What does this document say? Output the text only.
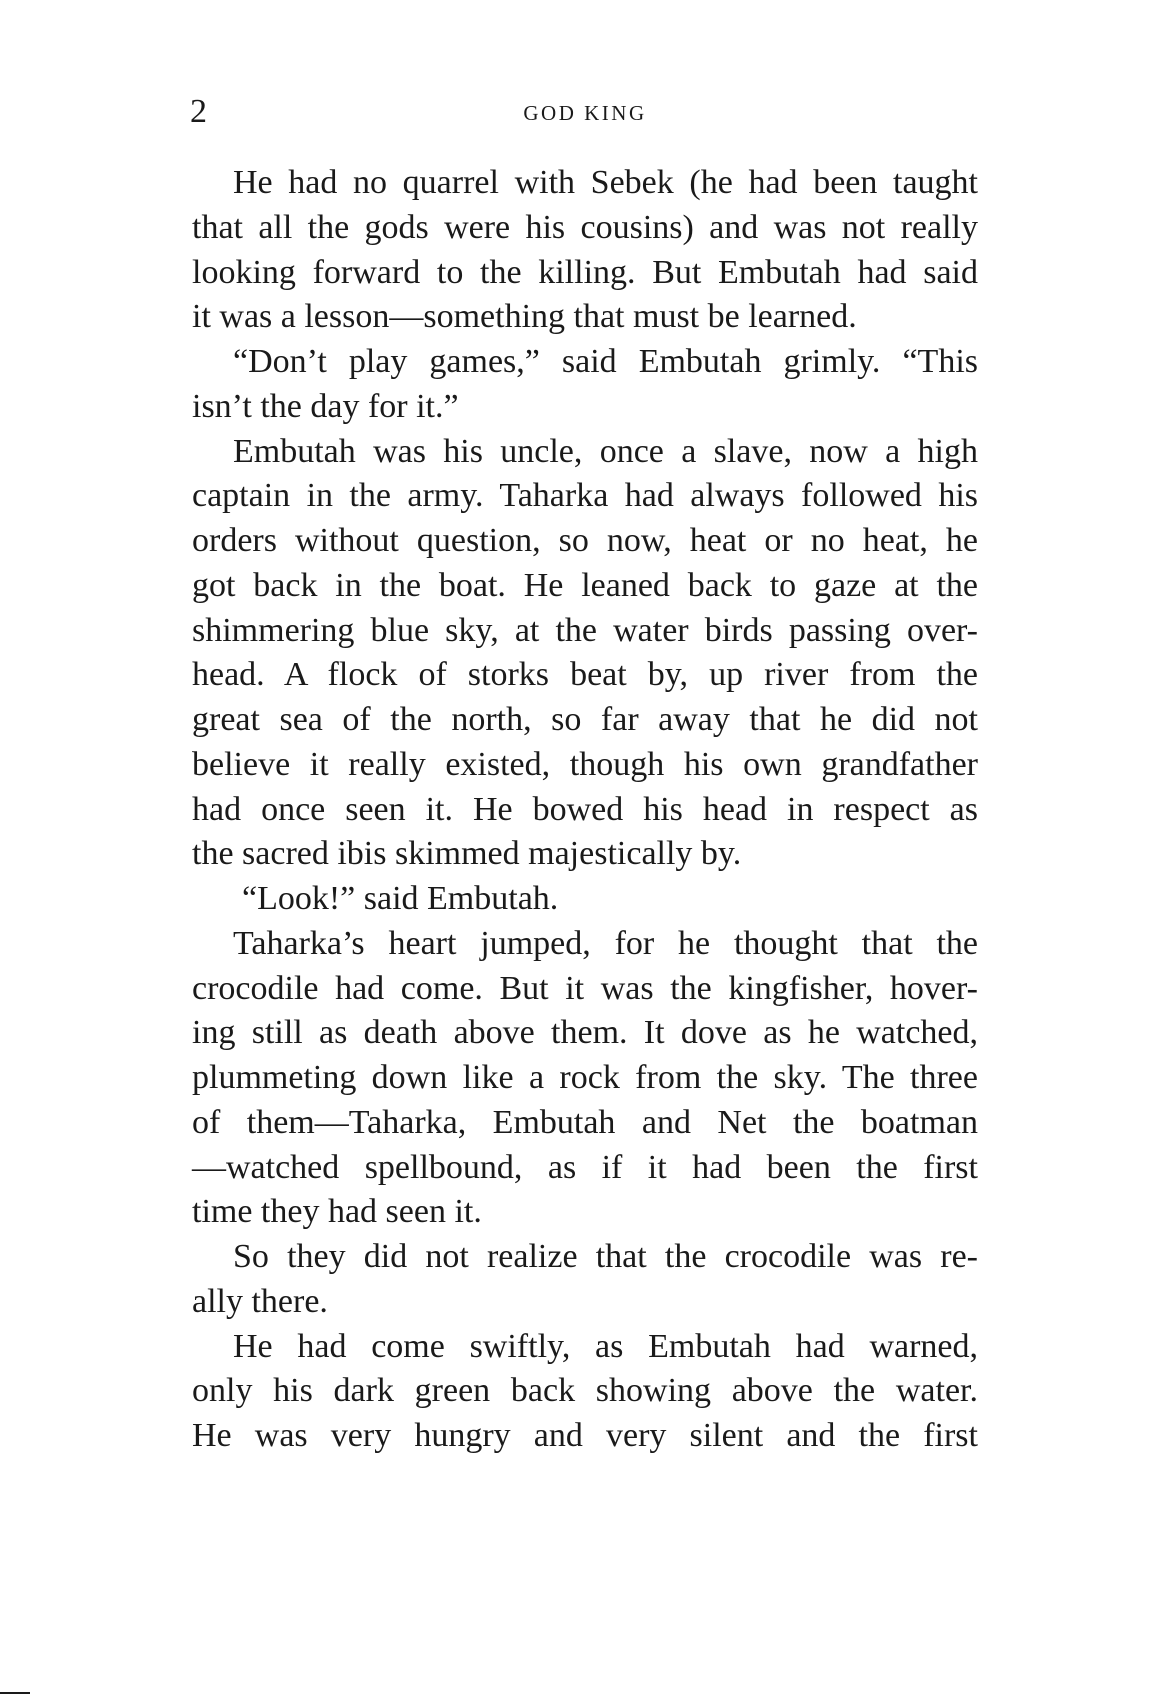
2	GOD KING
He had no quarrel with Sebek (he had been taught
that all the gods were his cousins) and was not really
looking forward to the killing. But Embutah had said
it was a lesson—something that must be learned.
“Don’t play games,” said Embutah grimly. “This
isn’t the day for it.”
Embutah was his uncle, once a slave, now a high
captain in the army. Taharka had always followed his
orders without question, so now, heat or no heat, he
got back in the boat. He leaned back to gaze at the
shimmering blue sky, at the water birds passing over-
head. A flock of storks beat by, up river from the
great sea of the north, so far away that he did not
believe it really existed, though his own grandfather
had once seen it. He bowed his head in respect as
the sacred ibis skimmed majestically by.
“Look!” said Embutah.
Taharka’s heart jumped, for he thought that the
crocodile had come. But it was the kingfisher, hover-
ing still as death above them. It dove as he watched,
plummeting down like a rock from the sky. The three
of them—Taharka, Embutah and Net the boatman
—watched spellbound, as if it had been the first
time they had seen it.
So they did not realize that the crocodile was re-
ally there.
He had come swiftly, as Embutah had warned,
only his dark green back showing above the water.
He was very hungry and very silent and the first
